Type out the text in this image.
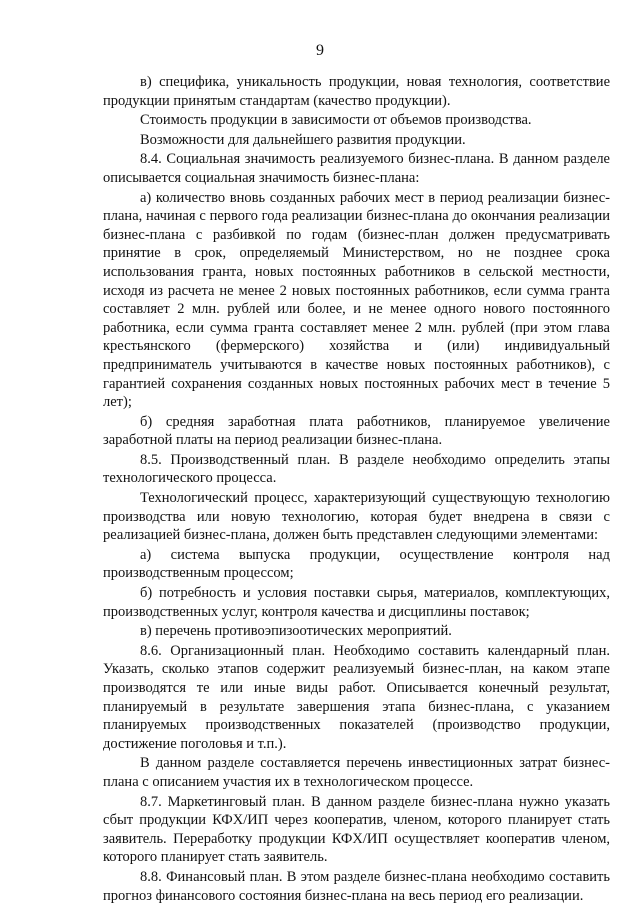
9

в) специфика, уникальность продукции, новая технология, соответствие продукции принятым стандартам (качество продукции).

Стоимость продукции в зависимости от объемов производства.

Возможности для дальнейшего развития продукции.

8.4. Социальная значимость реализуемого бизнес-плана. В данном разделе описывается социальная значимость бизнес-плана:

а) количество вновь созданных рабочих мест в период реализации бизнес-плана, начиная с первого года реализации бизнес-плана до окончания реализации бизнес-плана с разбивкой по годам (бизнес-план должен предусматривать принятие в срок, определяемый Министерством, но не позднее срока использования гранта, новых постоянных работников в сельской местности, исходя из расчета не менее 2 новых постоянных работников, если сумма гранта составляет 2 млн. рублей или более, и не менее одного нового постоянного работника, если сумма гранта составляет менее 2 млн. рублей (при этом глава крестьянского (фермерского) хозяйства и (или) индивидуальный предприниматель учитываются в качестве новых постоянных работников), с гарантией сохранения созданных новых постоянных рабочих мест в течение 5 лет);

б) средняя заработная плата работников, планируемое увеличение заработной платы на период реализации бизнес-плана.

8.5. Производственный план. В разделе необходимо определить этапы технологического процесса.

Технологический процесс, характеризующий существующую технологию производства или новую технологию, которая будет внедрена в связи с реализацией бизнес-плана, должен быть представлен следующими элементами:

а) система выпуска продукции, осуществление контроля над производственным процессом;

б) потребность и условия поставки сырья, материалов, комплектующих, производственных услуг, контроля качества и дисциплины поставок;

в) перечень противоэпизоотических мероприятий.

8.6. Организационный план. Необходимо составить календарный план. Указать, сколько этапов содержит реализуемый бизнес-план, на каком этапе производятся те или иные виды работ. Описывается конечный результат, планируемый в результате завершения этапа бизнес-плана, с указанием планируемых производственных показателей (производство продукции, достижение поголовья и т.п.).

В данном разделе составляется перечень инвестиционных затрат бизнес-плана с описанием участия их в технологическом процессе.

8.7. Маркетинговый план. В данном разделе бизнес-плана нужно указать сбыт продукции КФХ/ИП через кооператив, членом, которого планирует стать заявитель. Переработку продукции КФХ/ИП осуществляет кооператив членом, которого планирует стать заявитель.

8.8. Финансовый план. В этом разделе бизнес-плана необходимо составить прогноз финансового состояния бизнес-плана на весь период его реализации.
